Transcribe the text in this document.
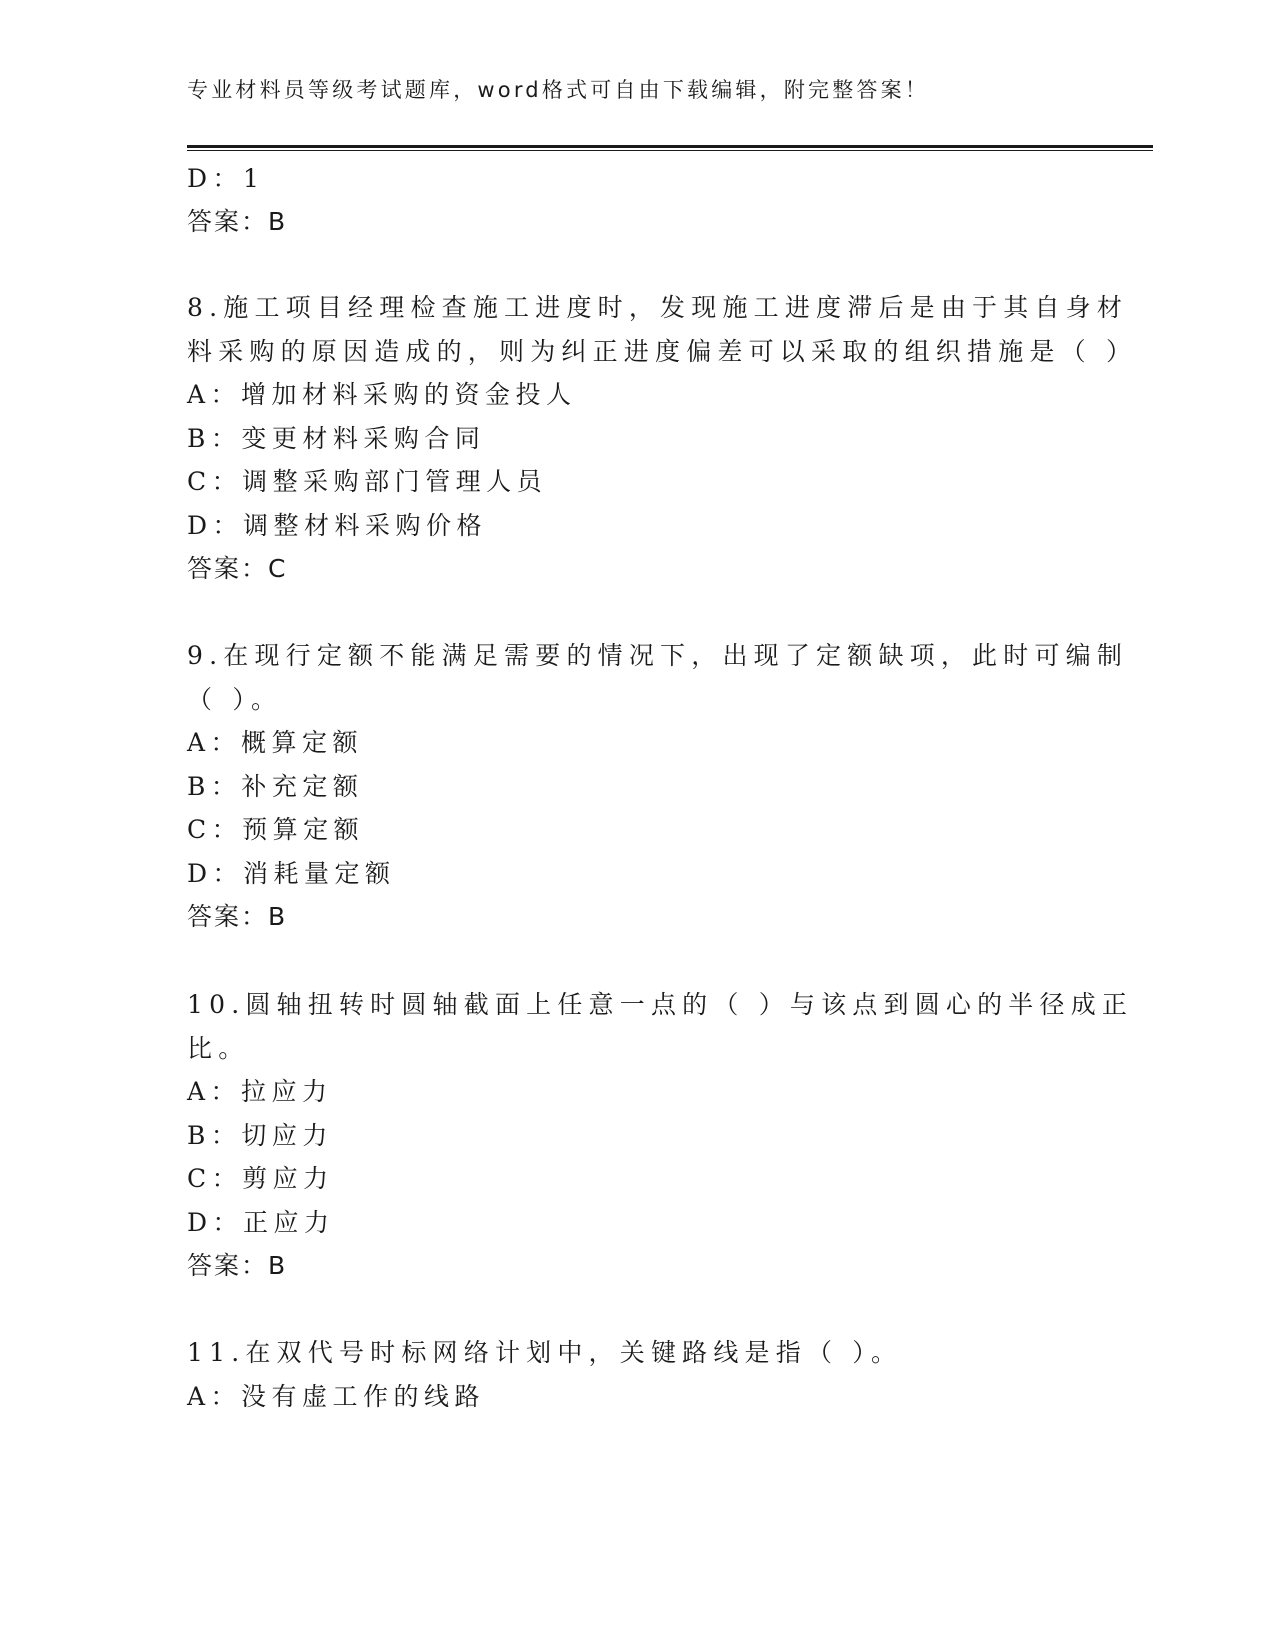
专业材料员等级考试题库，word格式可自由下载编辑，附完整答案！
D：1
答案：B
8.施工项目经理检查施工进度时，发现施工进度滞后是由于其自身材
料采购的原因造成的，则为纠正进度偏差可以采取的组织措施是（ ）
A：增加材料采购的资金投人
B：变更材料采购合同
C：调整采购部门管理人员
D：调整材料采购价格
答案：C
9.在现行定额不能满足需要的情况下，出现了定额缺项，此时可编制
（ ）。
A：概算定额
B：补充定额
C：预算定额
D：消耗量定额
答案：B
10.圆轴扭转时圆轴截面上任意一点的（ ）与该点到圆心的半径成正
比。
A：拉应力
B：切应力
C：剪应力
D：正应力
答案：B
11.在双代号时标网络计划中，关键路线是指（ ）。
A：没有虚工作的线路
